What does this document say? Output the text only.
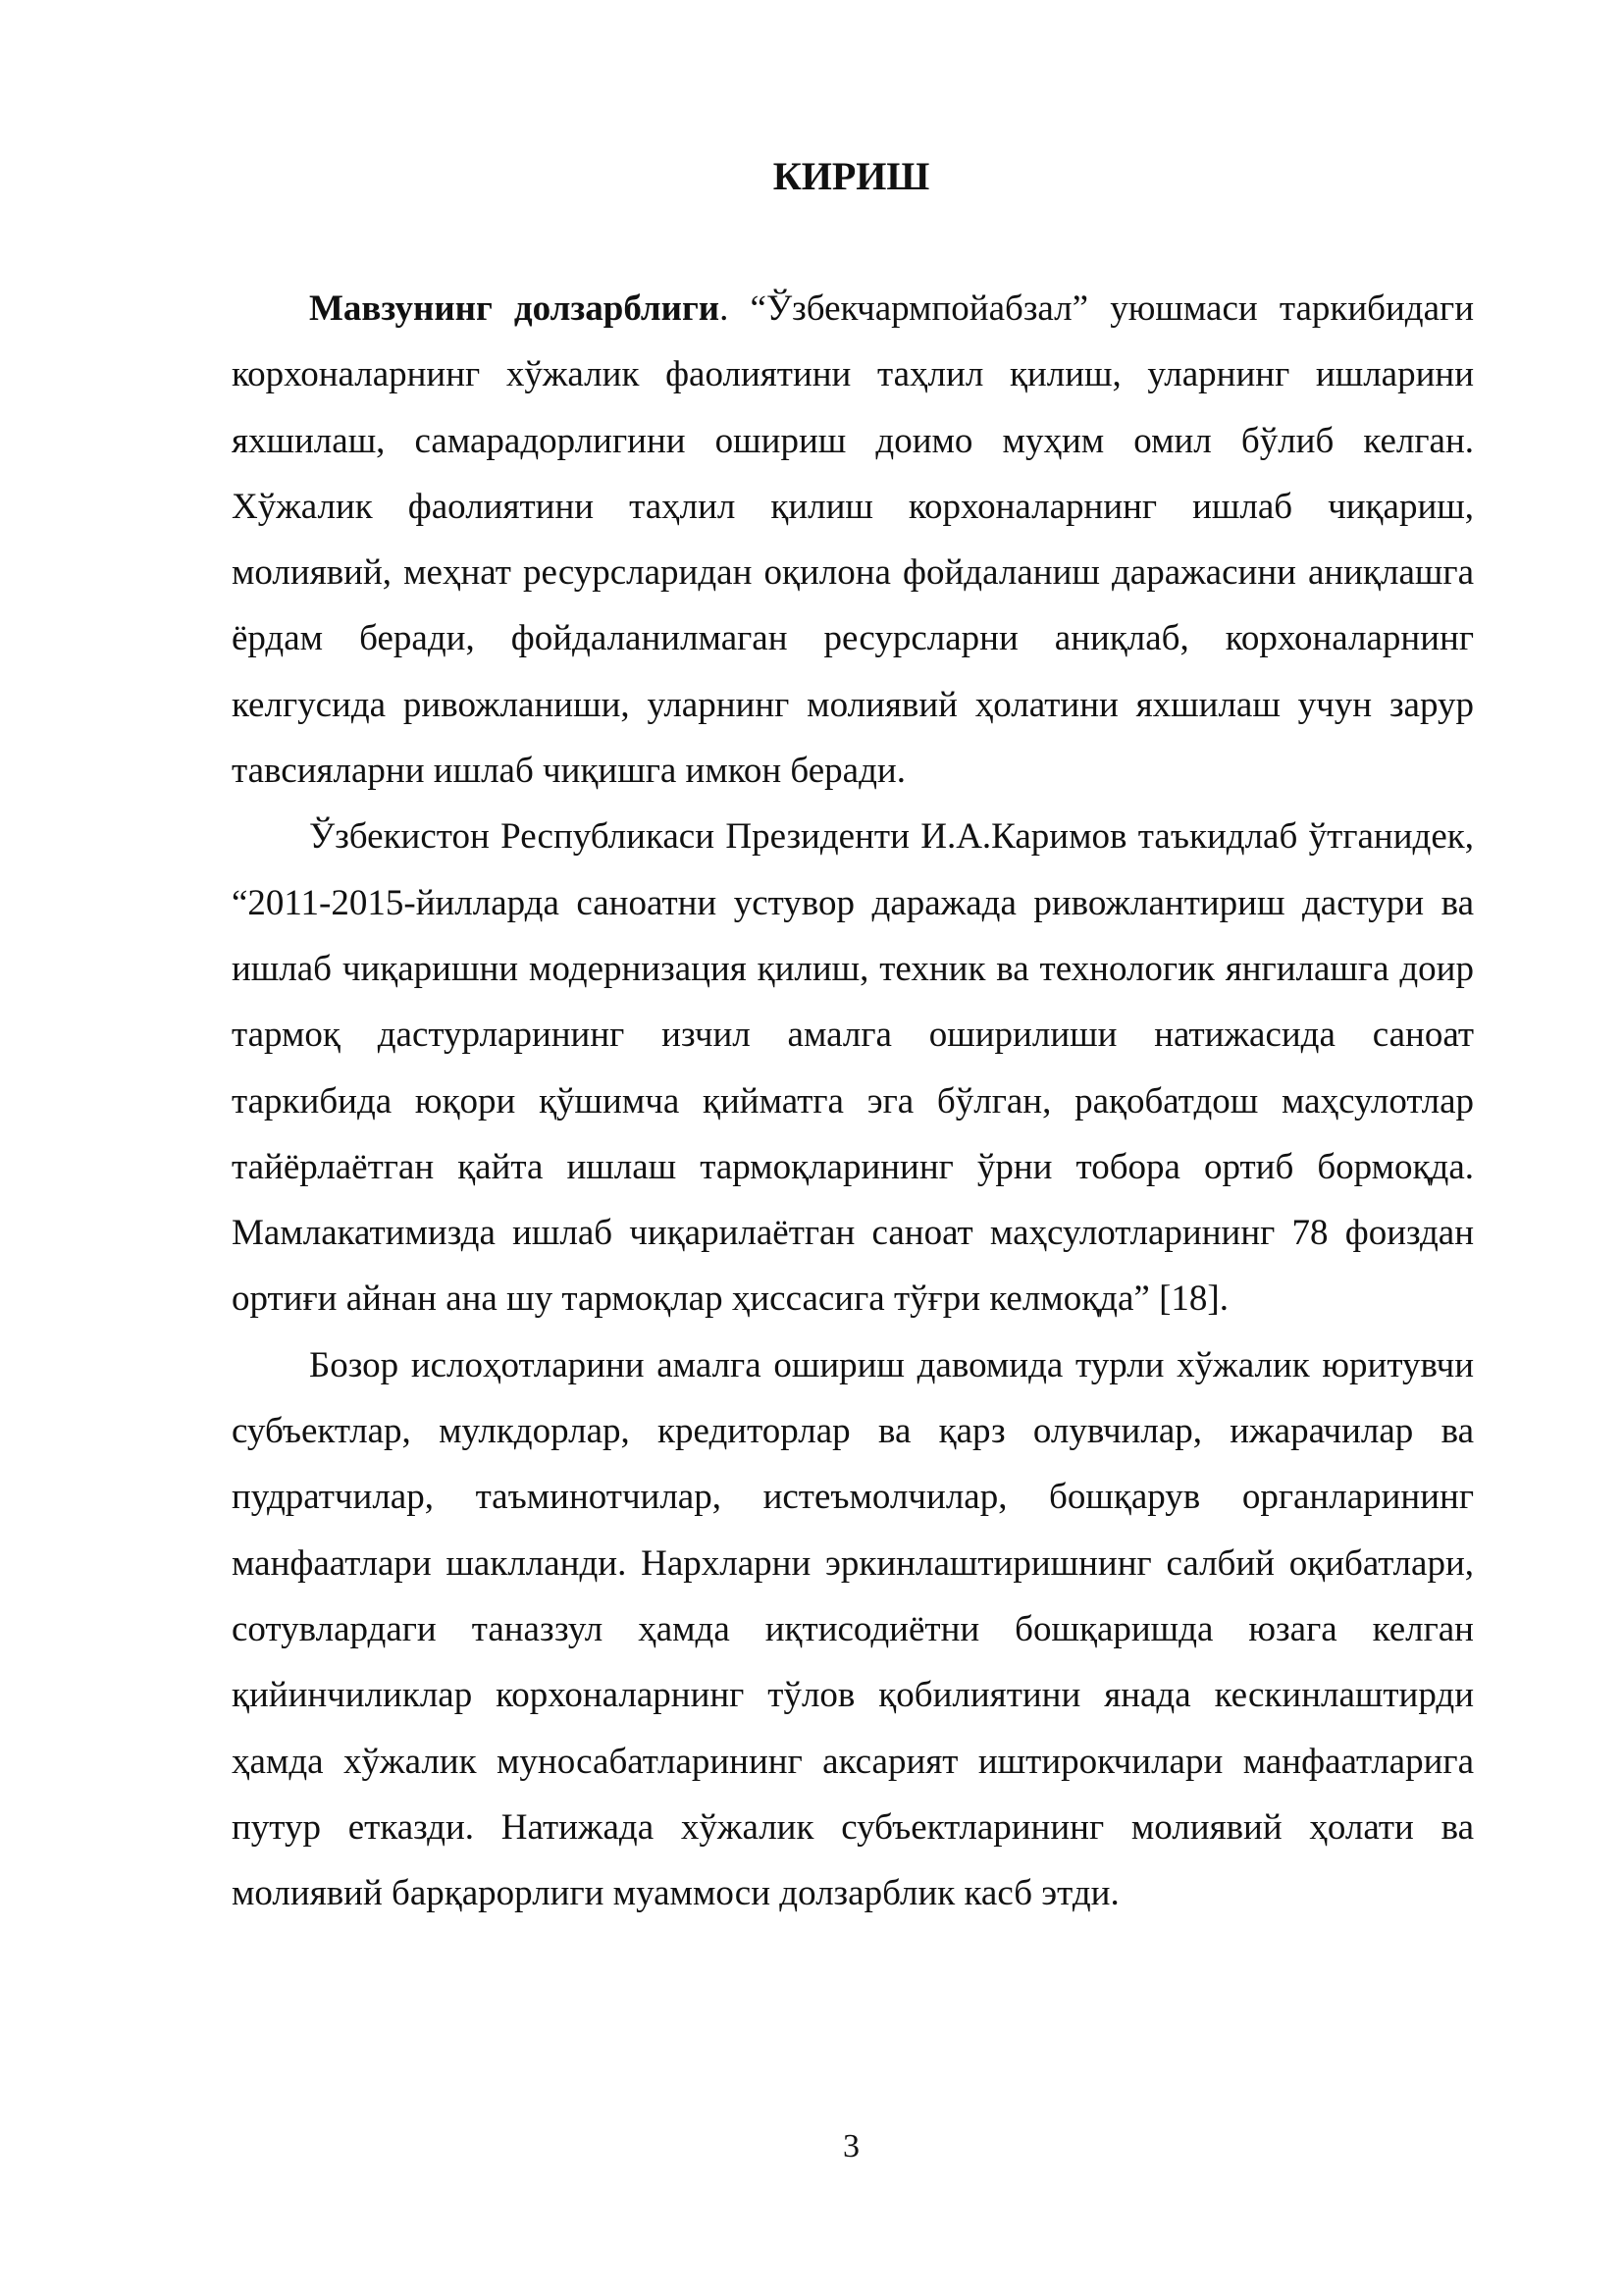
КИРИШ

Мавзунинг долзарблиги. “Ўзбекчармпойабзал” уюшмаси таркибидаги корхоналарнинг хўжалик фаолиятини таҳлил қилиш, уларнинг ишларини яхшилаш, самарадорлигини ошириш доимо муҳим омил бўлиб келган. Хўжалик фаолиятини таҳлил қилиш корхоналарнинг ишлаб чиқариш, молиявий, меҳнат ресурсларидан оқилона фойдаланиш даражасини аниқлашга ёрдам беради, фойдаланилмаган ресурсларни аниқлаб, корхоналарнинг келгусида ривожланиши, уларнинг молиявий ҳолатини яхшилаш учун зарур тавсияларни ишлаб чиқишга имкон беради.

Ўзбекистон Республикаси Президенти И.А.Каримов таъкидлаб ўтганидек, “2011-2015-йилларда саноатни устувор даражада ривожлантириш дастури ва ишлаб чиқаришни модернизация қилиш, техник ва технологик янгилашга доир тармоқ дастурларининг изчил амалга оширилиши натижасида саноат таркибида юқори қўшимча қийматга эга бўлган, рақобатдош маҳсулотлар тайёрлаётган қайта ишлаш тармоқларининг ўрни тобора ортиб бормоқда. Мамлакатимизда ишлаб чиқарилаётган саноат маҳсулотларининг 78 фоиздан ортиғи айнан ана шу тармоқлар ҳиссасига тўғри келмоқда” [18].

Бозор ислоҳотларини амалга ошириш давомида турли хўжалик юритувчи субъектлар, мулкдорлар, кредиторлар ва қарз олувчилар, ижарачилар ва пудратчилар, таъминотчилар, истеъмолчилар, бошқарув органларининг манфаатлари шаклланди. Нархларни эркинлаштиришнинг салбий оқибатлари, сотувлардаги таназзул ҳамда иқтисодиётни бошқаришда юзага келган қийинчиликлар корхоналарнинг тўлов қобилиятини янада кескинлаштирди ҳамда хўжалик муносабатларининг аксарият иштирокчилари манфаатларига путур етказди. Натижада хўжалик субъектларининг молиявий ҳолати ва молиявий барқарорлиги муаммоси долзарблик касб этди.

3
